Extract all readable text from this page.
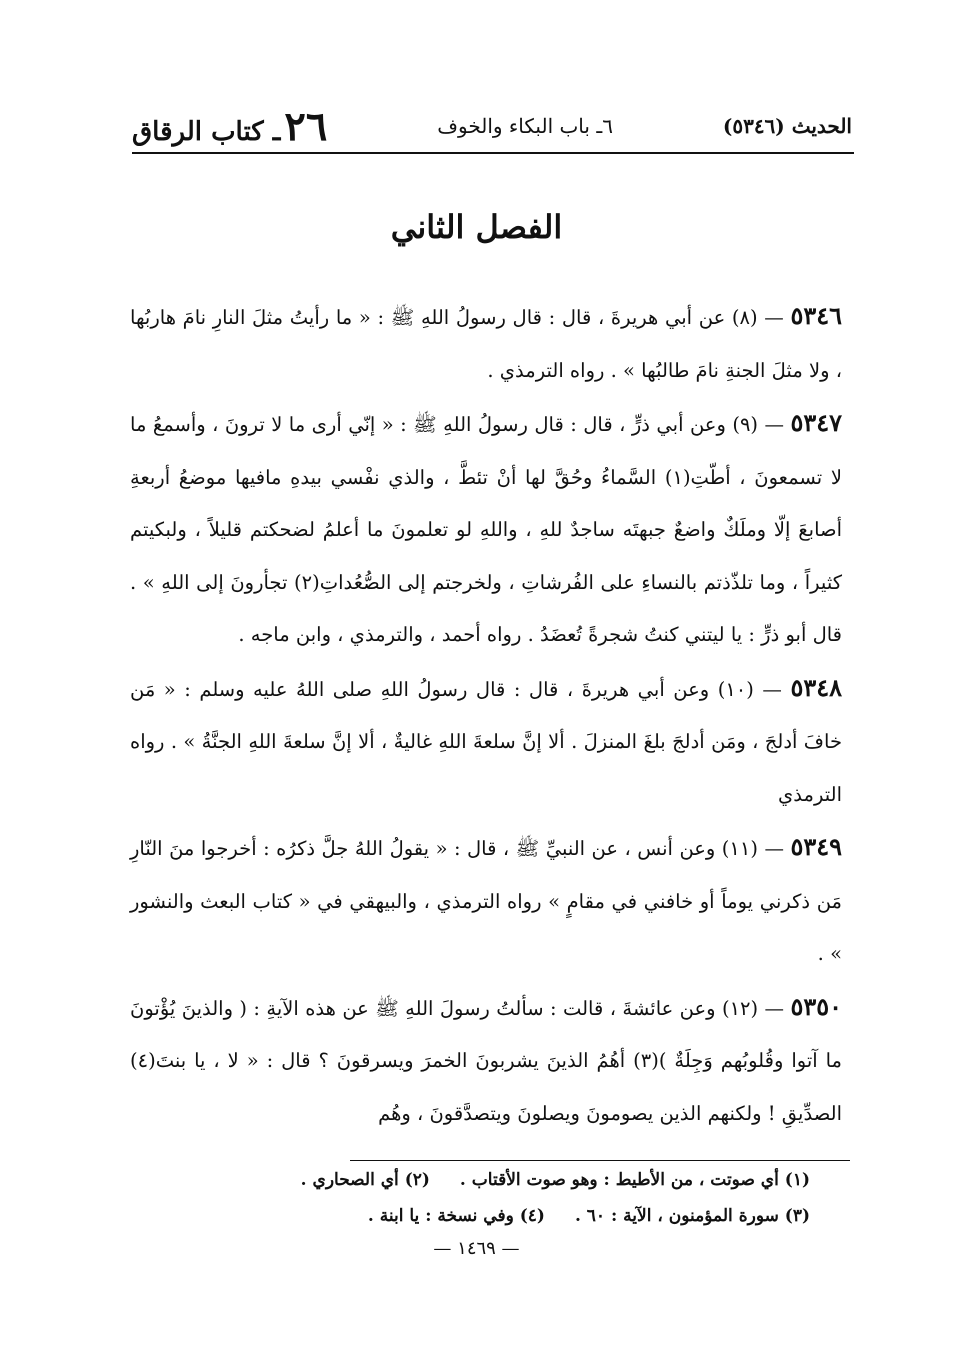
٢٦
ـ كتاب الرقاق	٦ـ باب البكاء والخوف	الحديث (٥٣٤٦)
الفصل الثاني

٥٣٤٦ — (٨) عن أبي هريرةَ ، قال : قال رسولُ اللهِ ﷺ : « ما رأيتُ مثلَ النارِ نامَ هاربُها ، ولا مثلَ الجنةِ نامَ طالبُها » . رواه الترمذي .

٥٣٤٧ — (٩) وعن أبي ذرٍّ ، قال : قال رسولُ اللهِ ﷺ : « إنّي أرى ما لا ترونَ ، وأسمعُ ما لا تسمعونَ ، أطّتِ(١) السَّماءُ وحُقَّ لها أنْ تئطَّ ، والذي نفْسي بيدهِ مافيها موضعُ أربعةِ أصابعَ إلّا وملَكٌ واضعٌ جبهتَه ساجدٌ للهِ ، واللهِ لو تعلمونَ ما أعلمُ لضحكتم قليلاً ، ولبكيتم كثيراً ، وما تلذّذتم بالنساءِ على الفُرشاتِ ، ولخرجتم إلى الصُّعُداتِ(٢) تجأرونَ إلى اللهِ » . قال أبو ذرٍّ : يا ليتني كنتُ شجرةً تُعضَدُ . رواه أحمد ، والترمذي ، وابن ماجه .

٥٣٤٨ — (١٠) وعن أبي هريرةَ ، قال : قال رسولُ اللهِ صلى اللهُ عليه وسلم : « مَن خافَ أدلجَ ، ومَن أدلجَ بلغَ المنزلَ . ألا إنَّ سلعةَ اللهِ غاليةٌ ، ألا إنَّ سلعةَ اللهِ الجنَّةُ » . رواه الترمذي

٥٣٤٩ — (١١) وعن أنس ، عن النبيِّ ﷺ ، قال : « يقولُ اللهُ جلَّ ذكرُه : أخرجوا منَ النّارِ مَن ذكرني يوماً أو خافني في مقامٍ » رواه الترمذي ، والبيهقي في « كتاب البعث والنشور » .

٥٣٥٠ — (١٢) وعن عائشةَ ، قالت : سألتُ رسولَ اللهِ ﷺ عن هذه الآيةِ : ( والذينَ يُؤْتونَ ما آتوا وقُلوبُهم وَجِلَةٌ )(٣) أهُمُ الذينَ يشربونَ الخمرَ ويسرقونَ ؟ قال : « لا ، يا بنتَ(٤) الصدِّيقِ ! ولكنهم الذين يصومونَ ويصلونَ ويتصدَّقونَ ، وهُم

(١) أي صوتت ، من الأطيط : وهو صوت الأقتاب .
(٢) أي الصحاري .
(٣) سورة المؤمنون ، الآية : ٦٠ .
(٤) وفي نسخة : يا ابنة .
— ١٤٦٩ —
